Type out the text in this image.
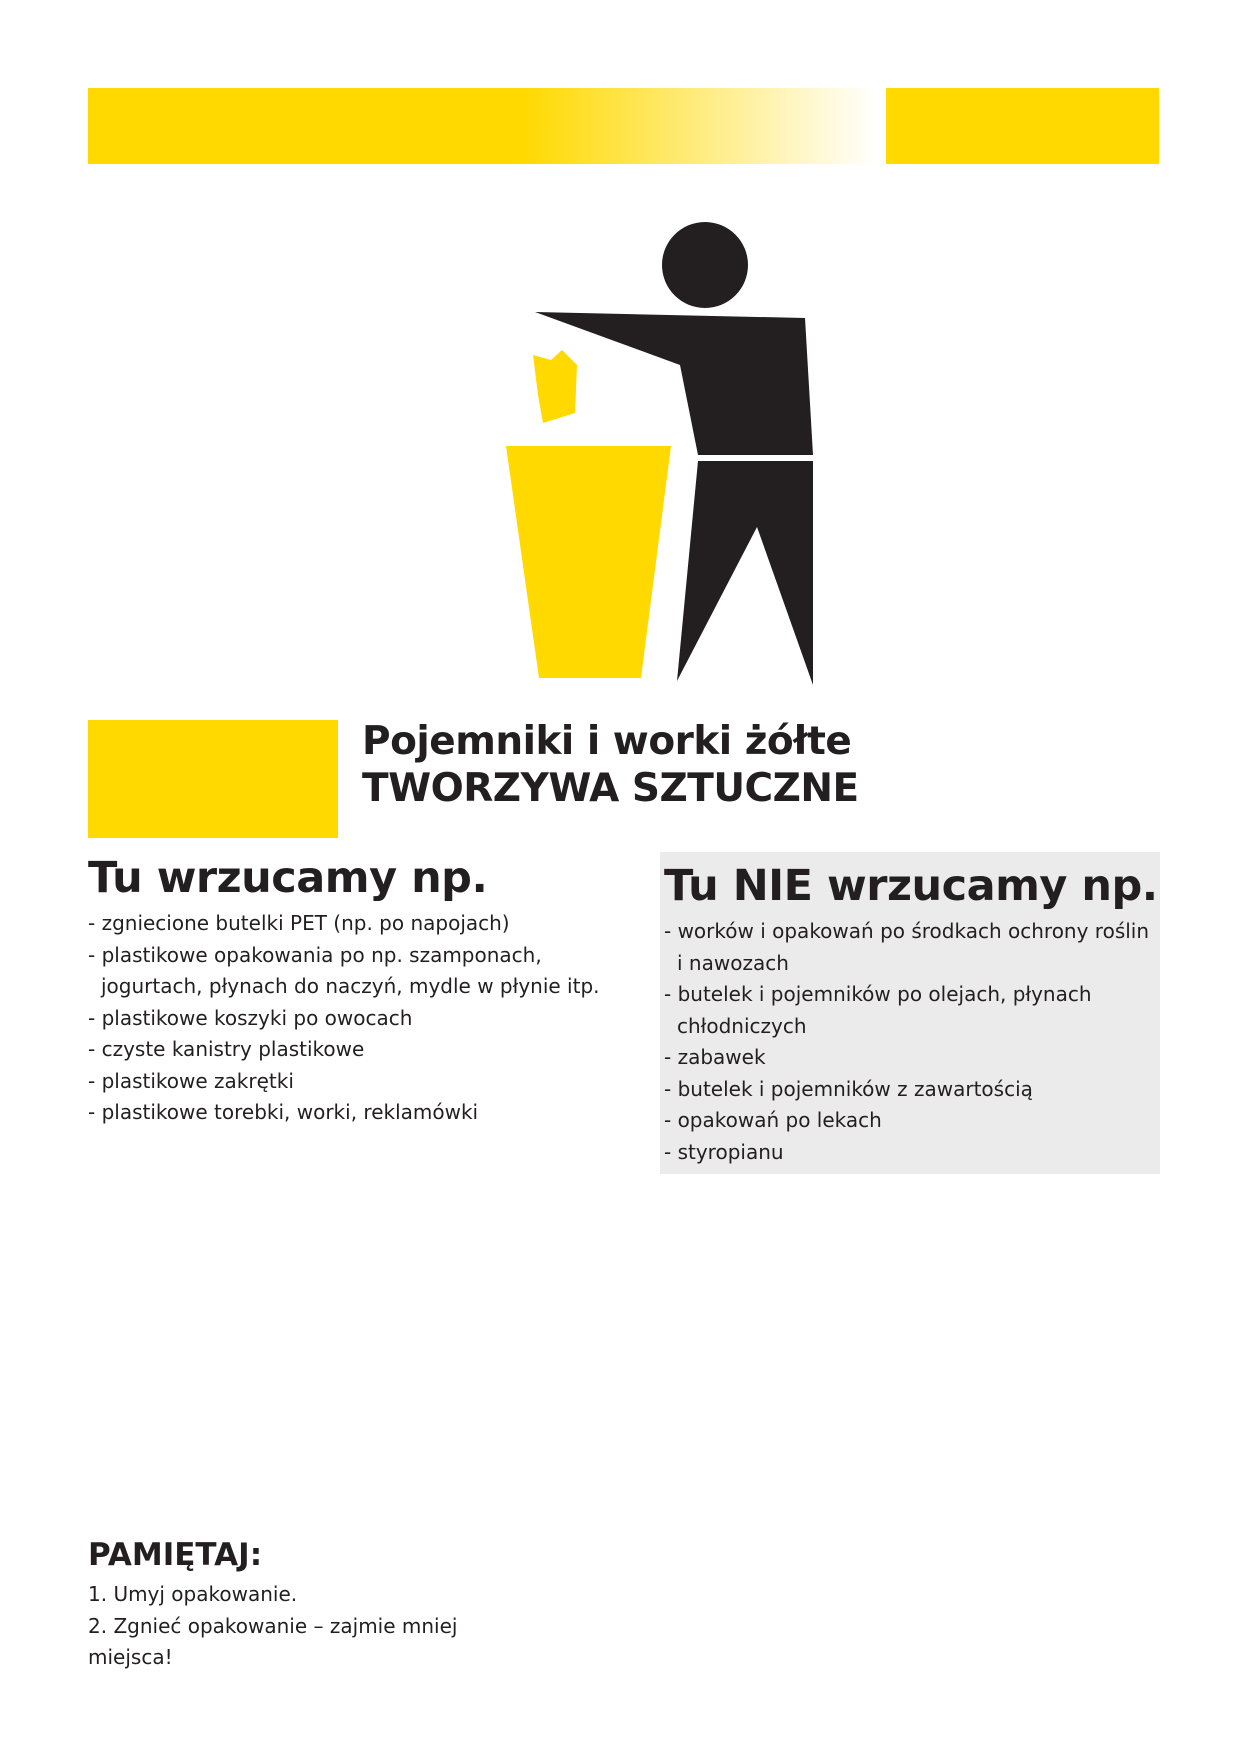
Pojemniki i worki żółte
TWORZYWA SZTUCZNE
Tu wrzucamy np.
- zgniecione butelki PET (np. po napojach)
- plastikowe opakowania po np. szamponach, jogurtach, płynach do naczyń, mydle w płynie itp.
- plastikowe koszyki po owocach
- czyste kanistry plastikowe
- plastikowe zakrętki
- plastikowe torebki, worki, reklamówki
Tu NIE wrzucamy np.
- worków i opakowań po środkach ochrony roślin i nawozach
- butelek i pojemników po olejach, płynach chłodniczych
- zabawek
- butelek i pojemników z zawartością
- opakowań po lekach
- styropianu
PAMIĘTAJ:

1. Umyj opakowanie.

2. Zgnieć opakowanie – zajmie mniej miejsca!
